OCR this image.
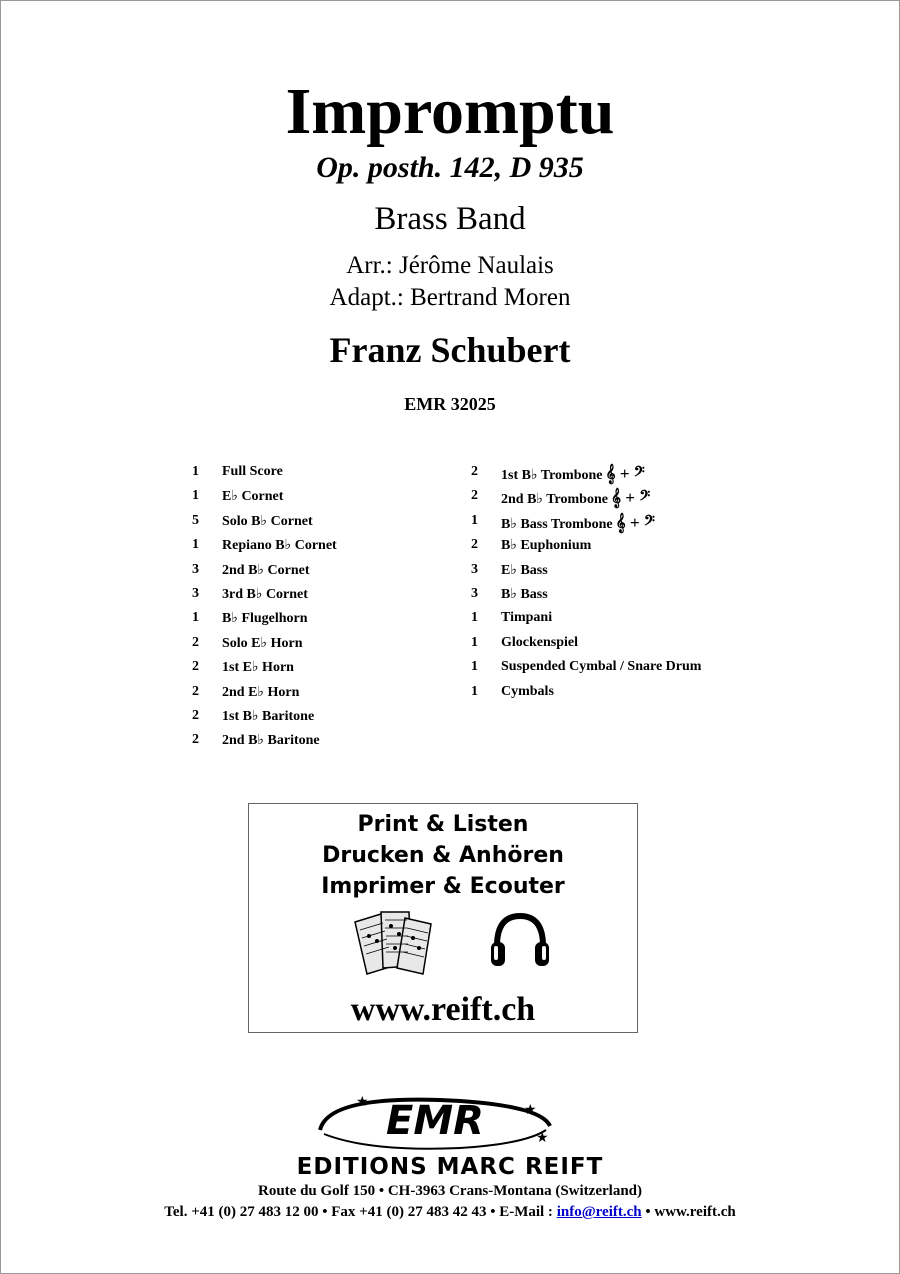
Impromptu
Op. posth. 142, D 935
Brass Band
Arr.: Jérôme Naulais
Adapt.: Bertrand Moren
Franz Schubert
EMR 32025
1	Full Score
1	E♭ Cornet
5	Solo B♭ Cornet
1	Repiano B♭ Cornet
3	2nd B♭ Cornet
3	3rd B♭ Cornet
1	B♭ Flugelhorn
2	Solo E♭ Horn
2	1st E♭ Horn
2	2nd E♭ Horn
2	1st B♭ Baritone
2	2nd B♭ Baritone
2	1st B♭ Trombone 𝄞 + 𝄢
2	2nd B♭ Trombone 𝄞 + 𝄢
1	B♭ Bass Trombone 𝄞 + 𝄢
2	B♭ Euphonium
3	E♭ Bass
3	B♭ Bass
1	Timpani
1	Glockenspiel
1	Suspended Cymbal / Snare Drum
1	Cymbals
Print & Listen
Drucken & Anhören
Imprimer & Ecouter
www.reift.ch
EMR
★
★
★
EDITIONS MARC REIFT
Route du Golf 150 • CH-3963 Crans-Montana (Switzerland)
Tel. +41 (0) 27 483 12 00 • Fax +41 (0) 27 483 42 43 • E-Mail : info@reift.ch • www.reift.ch
